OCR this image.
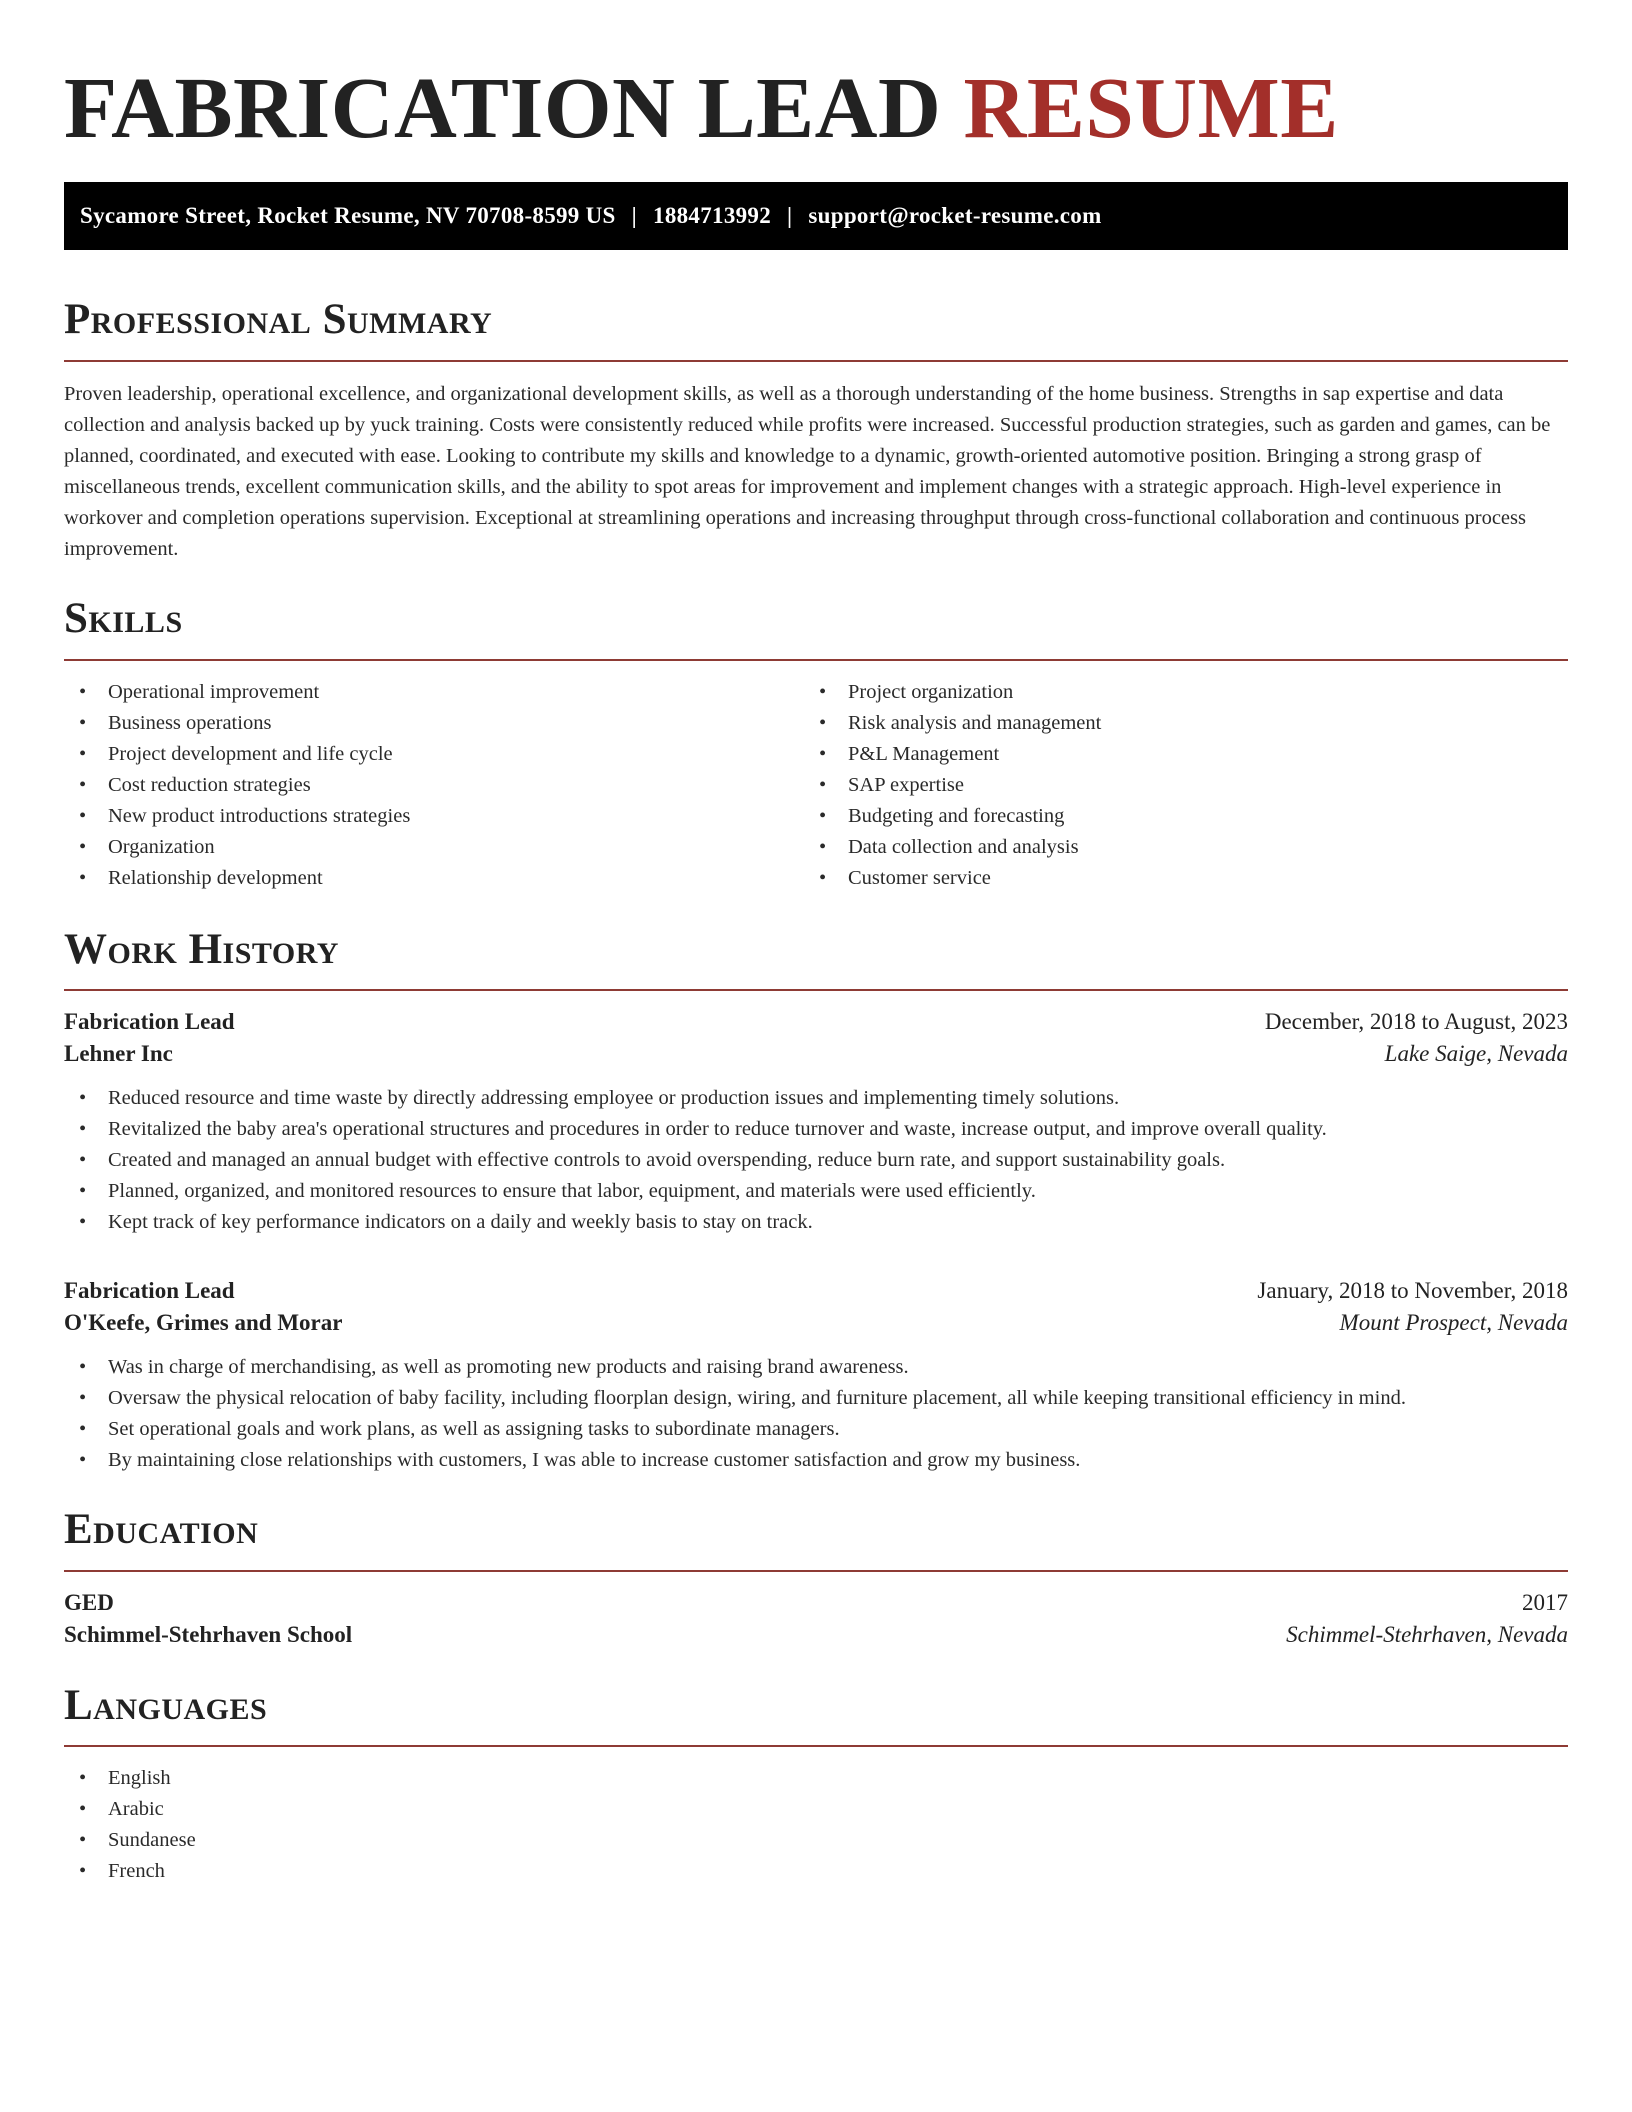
FABRICATION LEAD RESUME
Sycamore Street, Rocket Resume, NV 70708-8599 US | 1884713992 | support@rocket-resume.com
Professional Summary

Proven leadership, operational excellence, and organizational development skills, as well as a thorough understanding of the home business. Strengths in sap expertise and data collection and analysis backed up by yuck training. Costs were consistently reduced while profits were increased. Successful production strategies, such as garden and games, can be planned, coordinated, and executed with ease. Looking to contribute my skills and knowledge to a dynamic, growth-oriented automotive position. Bringing a strong grasp of miscellaneous trends, excellent communication skills, and the ability to spot areas for improvement and implement changes with a strategic approach. High-level experience in workover and completion operations supervision. Exceptional at streamlining operations and increasing throughput through cross-functional collaboration and continuous process improvement.

Skills
• Operational improvement
• Business operations
• Project development and life cycle
• Cost reduction strategies
• New product introductions strategies
• Organization
• Relationship development
• Project organization
• Risk analysis and management
• P&L Management
• SAP expertise
• Budgeting and forecasting
• Data collection and analysis
• Customer service
Work History
Fabrication Lead	December, 2018 to August, 2023
Lehner Inc	Lake Saige, Nevada
• Reduced resource and time waste by directly addressing employee or production issues and implementing timely solutions.
• Revitalized the baby area's operational structures and procedures in order to reduce turnover and waste, increase output, and improve overall quality.
• Created and managed an annual budget with effective controls to avoid overspending, reduce burn rate, and support sustainability goals.
• Planned, organized, and monitored resources to ensure that labor, equipment, and materials were used efficiently.
• Kept track of key performance indicators on a daily and weekly basis to stay on track.
Fabrication Lead	January, 2018 to November, 2018
O'Keefe, Grimes and Morar	Mount Prospect, Nevada
• Was in charge of merchandising, as well as promoting new products and raising brand awareness.
• Oversaw the physical relocation of baby facility, including floorplan design, wiring, and furniture placement, all while keeping transitional efficiency in mind.
• Set operational goals and work plans, as well as assigning tasks to subordinate managers.
• By maintaining close relationships with customers, I was able to increase customer satisfaction and grow my business.
Education
GED	2017
Schimmel-Stehrhaven School	Schimmel-Stehrhaven, Nevada
Languages
• English
• Arabic
• Sundanese
• French
